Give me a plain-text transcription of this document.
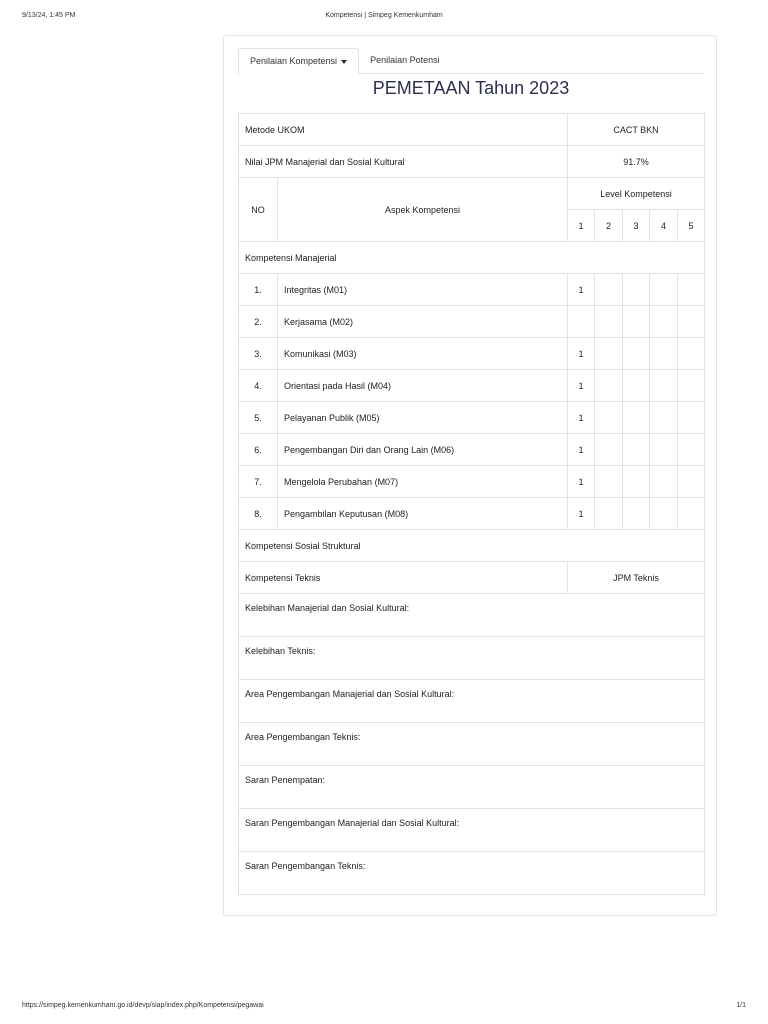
9/13/24, 1:45 PM	Kompetensi | Simpeg Kemenkumham
Penilaian Kompetensi	Penilaian Potensi
PEMETAAN Tahun 2023
Metode UKOM		CACT BKN				
Nilai JPM Manajerial dan Sosial Kultural		91.7%				
NO	Aspek Kompetensi	Level Kompetensi				
		1	2	3	4	5
Kompetensi Manajerial						
1.	Integritas (M01)	1				
2.	Kerjasama (M02)					
3.	Komunikasi (M03)	1				
4.	Orientasi pada Hasil (M04)	1				
5.	Pelayanan Publik (M05)	1				
6.	Pengembangan Diri dan Orang Lain (M06)	1				
7.	Mengelola Perubahan (M07)	1				
8.	Pengambilan Keputusan (M08)	1				
Kompetensi Sosial Struktural						
Kompetensi Teknis		JPM Teknis				
Kelebihan Manajerial dan Sosial Kultural:						
Kelebihan Teknis:						
Area Pengembangan Manajerial dan Sosial Kultural:						
Area Pengembangan Teknis:						
Saran Penempatan:						
Saran Pengembangan Manajerial dan Sosial Kultural:						
Saran Pengembangan Teknis:						
https://simpeg.kemenkumham.go.id/devp/siap/index.php/Kompetensi/pegawai	1/1
